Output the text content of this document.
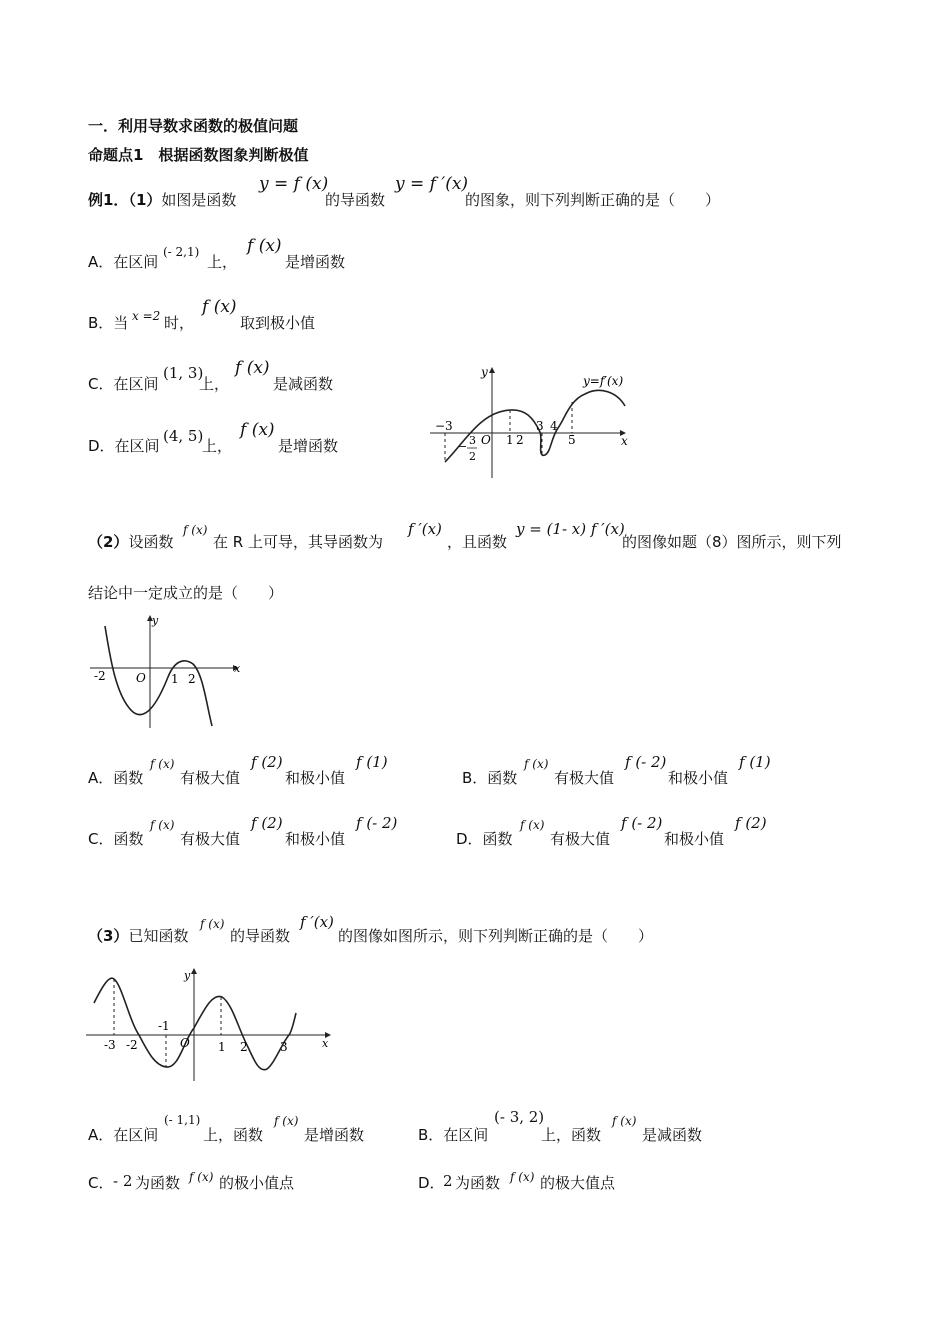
一．利用导数求函数的极值问题
命题点1　根据函数图象判断极值
例1．（1）如图是函数
y = f (x)
的导函数
y = f ′(x)
的图象，则下列判断正确的是（　　）
A．在区间
(- 2,1)
上，
f (x)
是增函数
B．当 x =2 时，
f (x)
取到极小值
C．在区间
(1, 3)
上，
f (x)
是减函数
D．在区间
(4, 5)
上，
f (x)
是增函数
y=f′(x)
y
x
O
−3
− 3
2
1 2
3 4
5
（2）设函数
f (x)
在 R 上可导，其导函数为
f ′(x)
，且函数
y = (1- x) f ′(x)
的图像如题（8）图所示，则下列
结论中一定成立的是（　　）
y
x
O
-2	1 2
A．函数
f (x)
有极大值
f (2)
和极小值
f (1)
B．函数
f (x)
有极大值
f (- 2)
和极小值
f (1)
C．函数
f (x)
有极大值
f (2)
和极小值
f (- 2)
D．函数
f (x)
有极大值
f (- 2)
和极小值
f (2)
（3）已知函数
f (x)
的导函数
f ′(x)
的图像如图所示，则下列判断正确的是（　　）
y
x
O
-3 -2
-1
1 2	3
A．在区间
(- 1,1)
上，函数
f (x)
是增函数	B．在区间
(- 3, 2)
上，函数
f (x)
是减函数
C． - 2 为函数 f (x) 的极小值点	D．
2 为函数 f (x) 的极大值点
